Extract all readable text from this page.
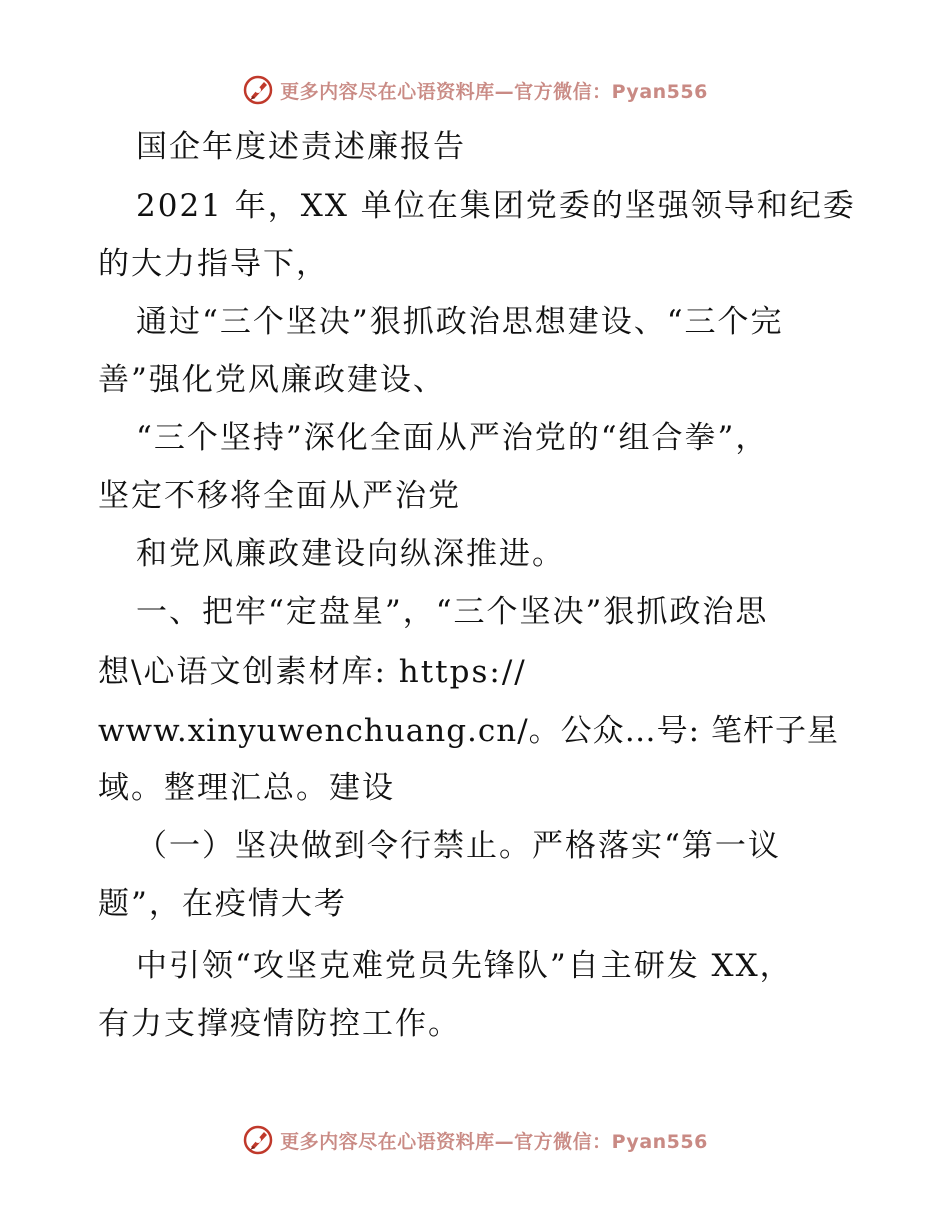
更多内容尽在心语资料库—官方微信：Pyan556
国企年度述责述廉报告
2021 年，XX 单位在集团党委的坚强领导和纪委
的大力指导下，
通过“三个坚决”狠抓政治思想建设、“三个完
善”强化党风廉政建设、
“三个坚持”深化全面从严治党的“组合拳”，
坚定不移将全面从严治党
和党风廉政建设向纵深推进。
一、把牢“定盘星”，“三个坚决”狠抓政治思
想\心语文创素材库: https://
www.xinyuwenchuang.cn/。公众…号: 笔杆子星
域。整理汇总。建设
（一）坚决做到令行禁止。严格落实“第一议
题”，在疫情大考
中引领“攻坚克难党员先锋队”自主研发 XX，
有力支撑疫情防控工作。
更多内容尽在心语资料库—官方微信：Pyan556
